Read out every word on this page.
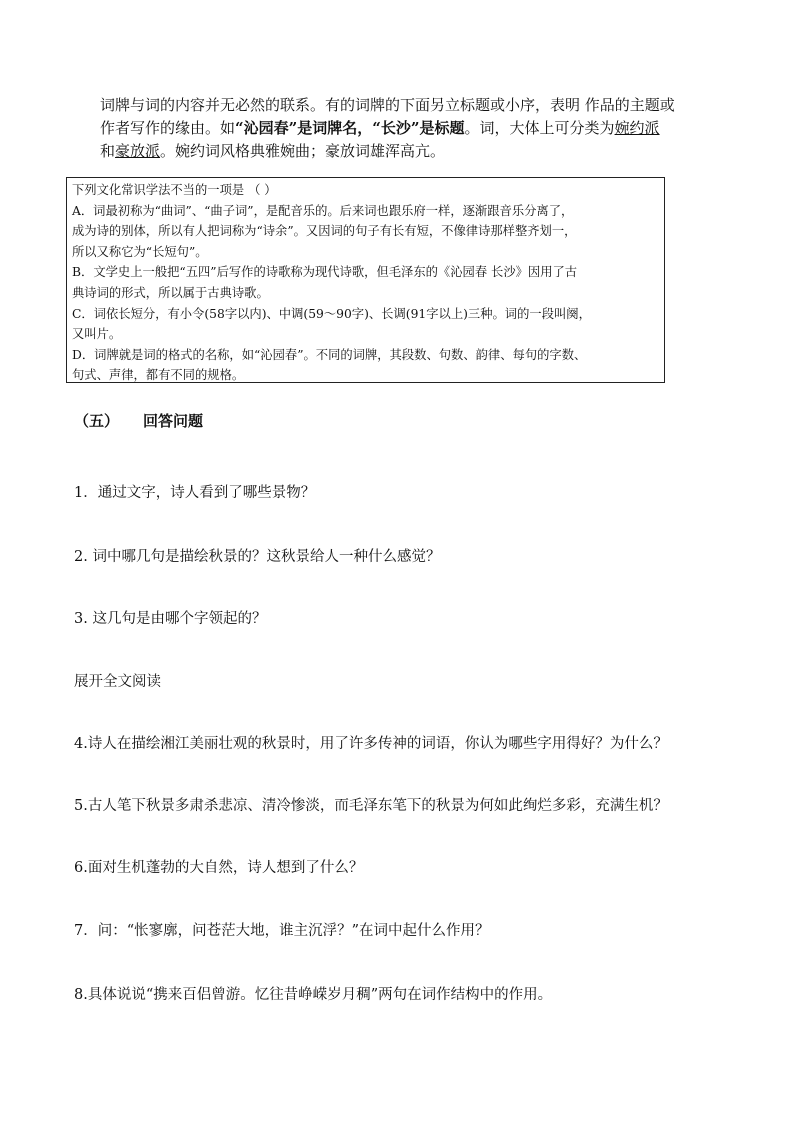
词牌与词的内容并无必然的联系。有的词牌的下面另立标题或小序，表明 作品的主题或
作者写作的缘由。如“沁园春”是词牌名，“长沙”是标题。词，大体上可分类为婉约派
和豪放派。婉约词风格典雅婉曲；豪放词雄浑高亢。
下列文化常识学法不当的一项是 （ ）
A．词最初称为“曲词”、“曲子词”，是配音乐的。后来词也跟乐府一样，逐渐跟音乐分离了，
成为诗的别体，所以有人把词称为“诗余”。又因词的句子有长有短，不像律诗那样整齐划一，
所以又称它为“长短句”。
B．文学史上一般把“五四”后写作的诗歌称为现代诗歌，但毛泽东的《沁园春 长沙》因用了古
典诗词的形式，所以属于古典诗歌。
C．词依长短分，有小令(58字以内)、中调(59～90字)、长调(91字以上)三种。词的一段叫阕，
又叫片。
D．词牌就是词的格式的名称，如“沁园春”。不同的词牌，其段数、句数、韵律、每句的字数、
句式、声律，都有不同的规格。
（五） 回答问题
1．通过文字，诗人看到了哪些景物？
2. 词中哪几句是描绘秋景的？这秋景给人一种什么感觉？
3. 这几句是由哪个字领起的？
展开全文阅读
4.诗人在描绘湘江美丽壮观的秋景时，用了许多传神的词语，你认为哪些字用得好？为什么？
5.古人笔下秋景多肃杀悲凉、清冷惨淡，而毛泽东笔下的秋景为何如此绚烂多彩，充满生机？
6.面对生机蓬勃的大自然，诗人想到了什么？
7．问：“怅寥廓，问苍茫大地，谁主沉浮？”在词中起什么作用？
8.具体说说“携来百侣曾游。忆往昔峥嵘岁月稠”两句在词作结构中的作用。
